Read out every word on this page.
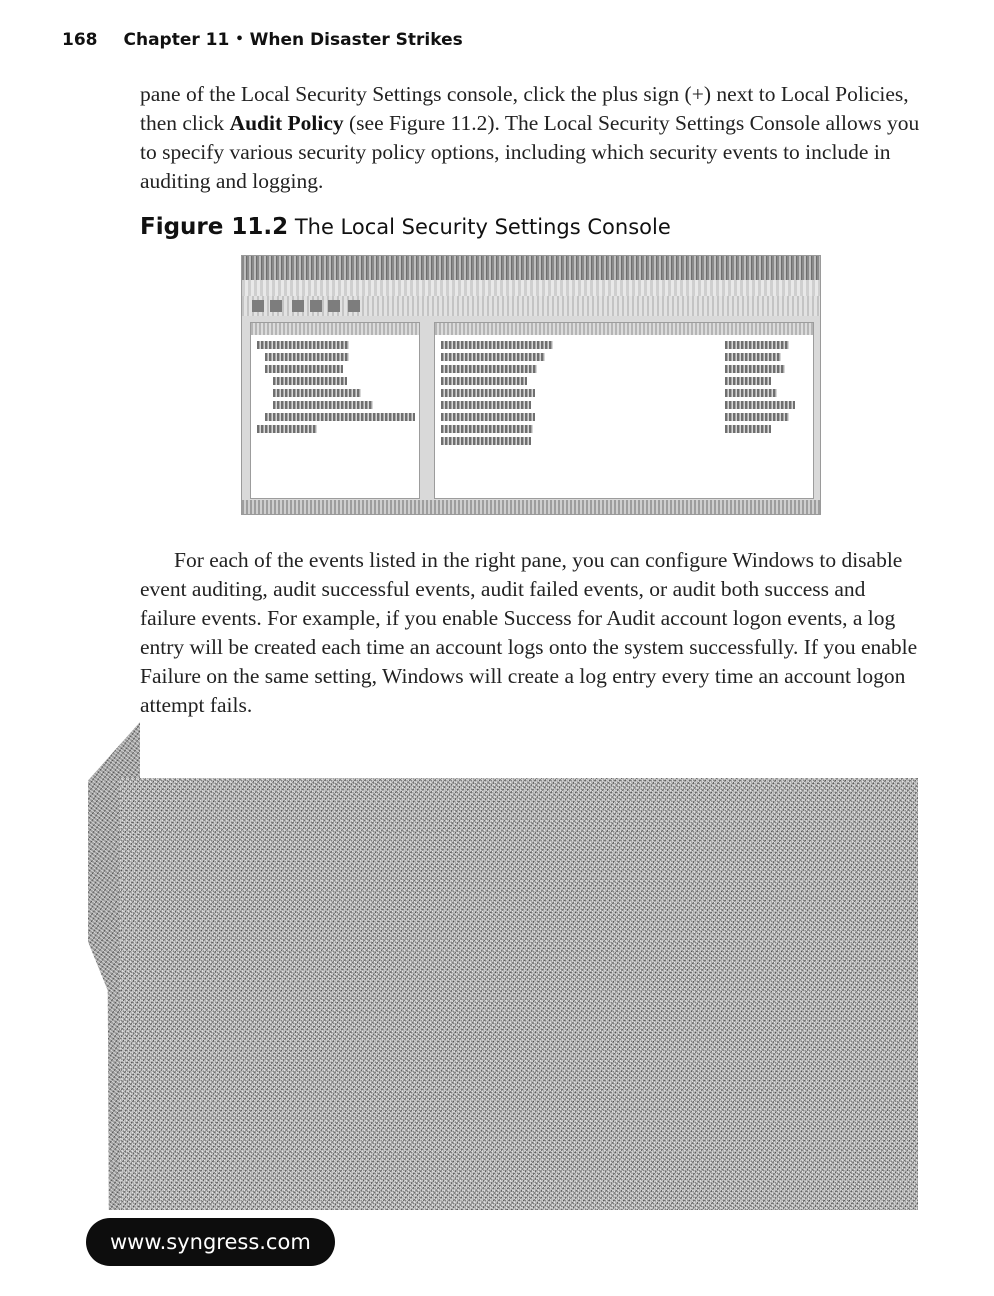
168 Chapter 11 • When Disaster Strikes

pane of the Local Security Settings console, click the plus sign (+) next to Local Policies, then click Audit Policy (see Figure 11.2). The Local Security Settings Console allows you to specify various security policy options, including which security events to include in auditing and logging.

Figure 11.2 The Local Security Settings Console

For each of the events listed in the right pane, you can configure Windows to disable event auditing, audit successful events, audit failed events, or audit both success and failure events. For example, if you enable Success for Audit account logon events, a log entry will be created each time an account logs onto the system successfully. If you enable Failure on the same setting, Windows will create a log entry every time an account logon attempt fails.

www.syngress.com
